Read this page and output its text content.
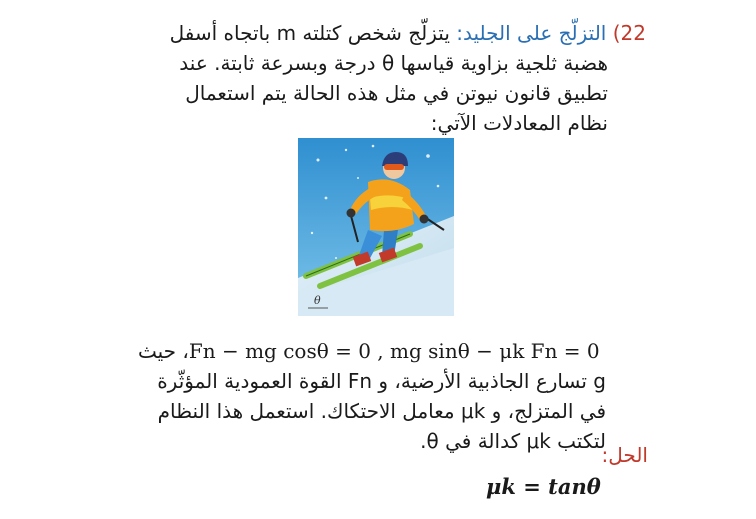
22) التزلّج على الجليد: يتزلّج شخص كتلته m باتجاه أسفل
هضبة ثلجية بزاوية قياسها θ درجة وبسرعة ثابتة. عند
تطبيق قانون نيوتن في مثل هذه الحالة يتم استعمال
نظام المعادلات الآتي:
θ
Fn − mg cosθ = 0 , mg sinθ − μk Fn = 0 ، حيث
g تسارع الجاذبية الأرضية، و Fn القوة العمودية المؤثّرة
في المتزلج، و μk معامل الاحتكاك. استعمل هذا النظام
لتكتب μk كدالة في θ.
الحل:
μk = tanθ
